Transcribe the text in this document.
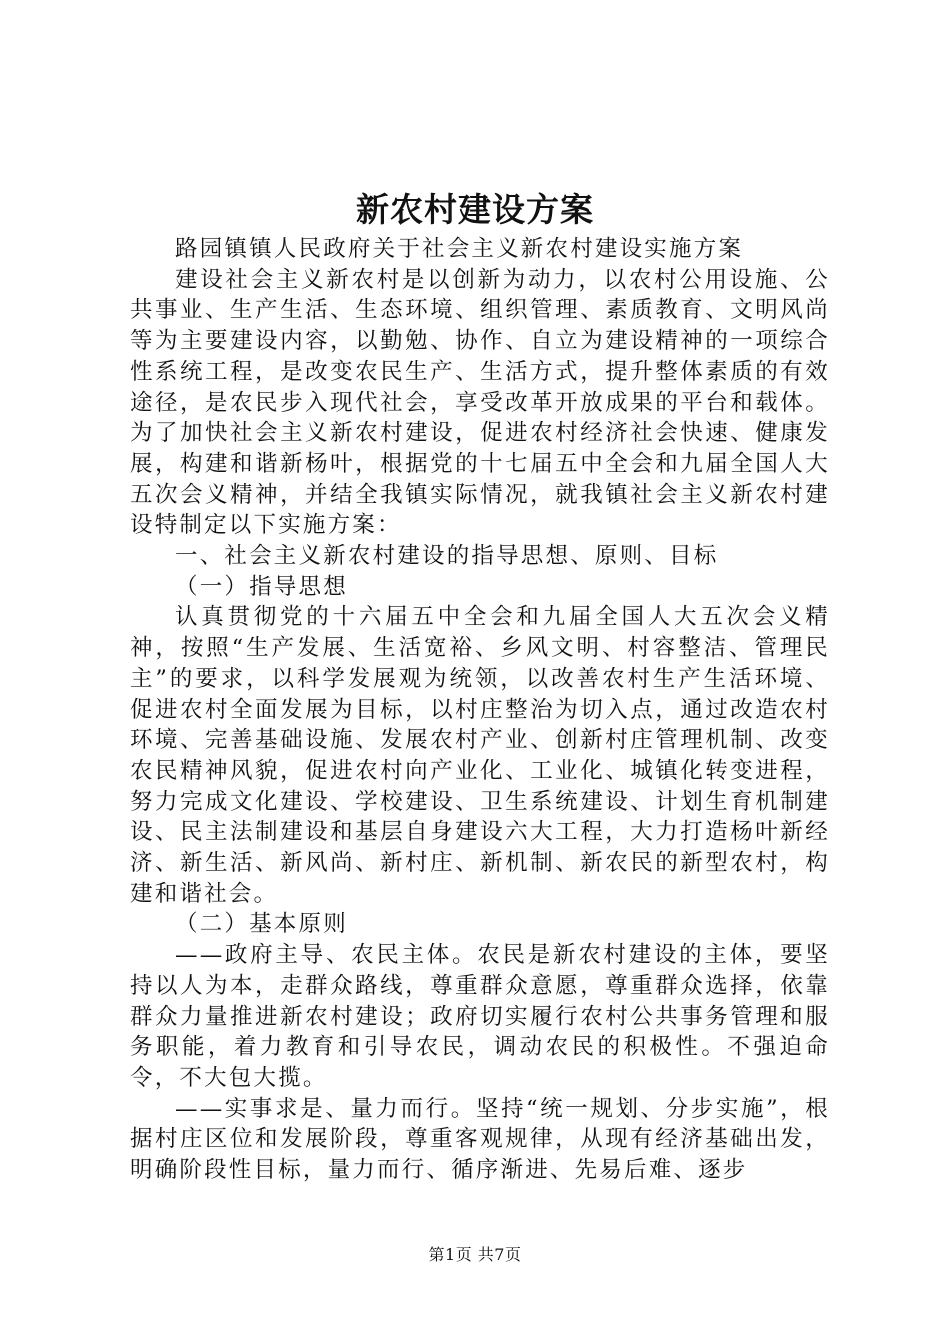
新农村建设方案

路园镇镇人民政府关于社会主义新农村建设实施方案

建设社会主义新农村是以创新为动力，以农村公用设施、公共事业、生产生活、生态环境、组织管理、素质教育、文明风尚等为主要建设内容，以勤勉、协作、自立为建设精神的一项综合性系统工程，是改变农民生产、生活方式，提升整体素质的有效途径，是农民步入现代社会，享受改革开放成果的平台和载体。为了加快社会主义新农村建设，促进农村经济社会快速、健康发展，构建和谐新杨叶，根据党的十七届五中全会和九届全国人大五次会义精神，并结全我镇实际情况，就我镇社会主义新农村建设特制定以下实施方案：

一、社会主义新农村建设的指导思想、原则、目标

（一）指导思想

认真贯彻党的十六届五中全会和九届全国人大五次会义精神，按照“生产发展、生活宽裕、乡风文明、村容整洁、管理民主”的要求，以科学发展观为统领，以改善农村生产生活环境、促进农村全面发展为目标，以村庄整治为切入点，通过改造农村环境、完善基础设施、发展农村产业、创新村庄管理机制、改变农民精神风貌，促进农村向产业化、工业化、城镇化转变进程，努力完成文化建设、学校建设、卫生系统建设、计划生育机制建设、民主法制建设和基层自身建设六大工程，大力打造杨叶新经济、新生活、新风尚、新村庄、新机制、新农民的新型农村，构建和谐社会。

（二）基本原则

——政府主导、农民主体。农民是新农村建设的主体，要坚持以人为本，走群众路线，尊重群众意愿，尊重群众选择，依靠群众力量推进新农村建设；政府切实履行农村公共事务管理和服务职能，着力教育和引导农民，调动农民的积极性。不强迫命令，不大包大揽。

——实事求是、量力而行。坚持“统一规划、分步实施”，根据村庄区位和发展阶段，尊重客观规律，从现有经济基础出发，明确阶段性目标，量力而行、循序渐进、先易后难、逐步

第1页 共7页
